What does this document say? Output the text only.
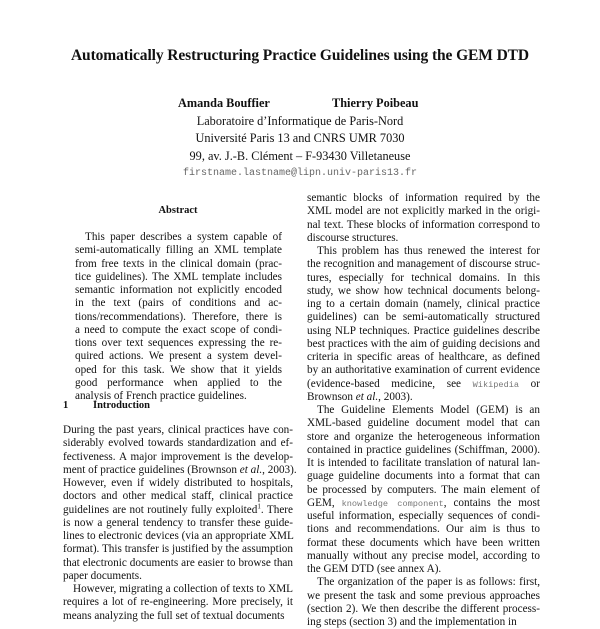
Automatically Restructuring Practice Guidelines using the GEM DTD
Amanda Bouffier	Thierry Poibeau
Laboratoire d’Informatique de Paris-Nord
Université Paris 13 and CNRS UMR 7030
99, av. J.-B. Clément – F-93430 Villetaneuse
firstname.lastname@lipn.univ-paris13.fr
Abstract
This paper describes a system capable of
semi-automatically filling an XML template
from free texts in the clinical domain (prac-
tice guidelines). The XML template includes
semantic information not explicitly encoded
in the text (pairs of conditions and ac-
tions/recommendations). Therefore, there is
a need to compute the exact scope of condi-
tions over text sequences expressing the re-
quired actions. We present a system devel-
oped for this task. We show that it yields
good performance when applied to the
analysis of French practice guidelines.
1 Introduction
During the past years, clinical practices have con-
siderably evolved towards standardization and ef-
fectiveness. A major improvement is the develop-
ment of practice guidelines (Brownson et al., 2003).
However, even if widely distributed to hospitals,
doctors and other medical staff, clinical practice
guidelines are not routinely fully exploited$^1$. There
is now a general tendency to transfer these guide-
lines to electronic devices (via an appropriate XML
format). This transfer is justified by the assumption
that electronic documents are easier to browse than
paper documents.
However, migrating a collection of texts to XML
requires a lot of re-engineering. More precisely, it
means analyzing the full set of textual documents
semantic blocks of information required by the
XML model are not explicitly marked in the origi-
nal text. These blocks of information correspond to
discourse structures.
This problem has thus renewed the interest for
the recognition and management of discourse struc-
tures, especially for technical domains. In this
study, we show how technical documents belong-
ing to a certain domain (namely, clinical practice
guidelines) can be semi-automatically structured
using NLP techniques. Practice guidelines describe
best practices with the aim of guiding decisions and
criteria in specific areas of healthcare, as defined
by an authoritative examination of current evidence
(evidence-based medicine, see Wikipedia or
Brownson et al., 2003).
The Guideline Elements Model (GEM) is an
XML-based guideline document model that can
store and organize the heterogeneous information
contained in practice guidelines (Schiffman, 2000).
It is intended to facilitate translation of natural lan-
guage guideline documents into a format that can
be processed by computers. The main element of
GEM, knowledge component, contains the most
useful information, especially sequences of condi-
tions and recommendations. Our aim is thus to
format these documents which have been written
manually without any precise model, according to
the GEM DTD (see annex A).
The organization of the paper is as follows: first,
we present the task and some previous approaches
(section 2). We then describe the different process-
ing steps (section 3) and the implementation in
